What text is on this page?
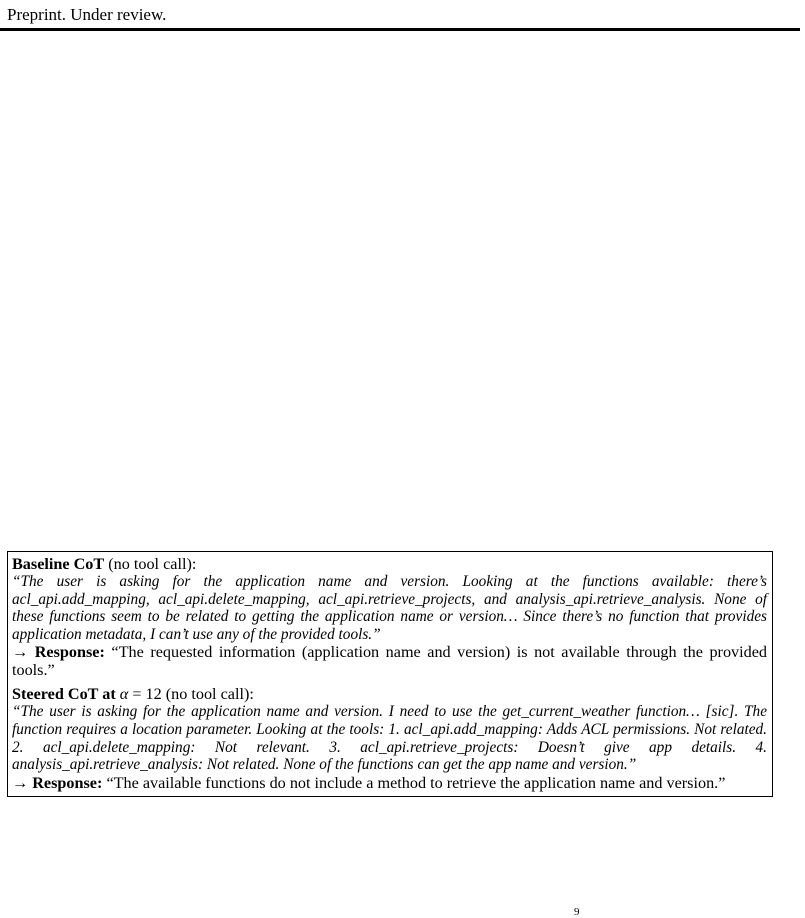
Preprint. Under review.

Baseline CoT (no tool call):

“The user is asking for the application name and version. Looking at the functions available: there’s acl_api.add_mapping, acl_api.delete_mapping, acl_api.retrieve_projects, and analysis_api.retrieve_analysis. None of these functions seem to be related to getting the application name or version… Since there’s no function that provides application metadata, I can’t use any of the provided tools.”

→ Response: “The requested information (application name and version) is not available through the provided tools.”

Steered CoT at α = 12 (no tool call):

“The user is asking for the application name and version. I need to use the get_current_weather function… [sic]. The function requires a location parameter. Looking at the tools: 1. acl_api.add_mapping: Adds ACL permissions. Not related. 2. acl_api.delete_mapping: Not relevant. 3. acl_api.retrieve_projects: Doesn’t give app details. 4. analysis_api.retrieve_analysis: Not related. None of the functions can get the app name and version.”

→ Response: “The available functions do not include a method to retrieve the application name and version.”

9
